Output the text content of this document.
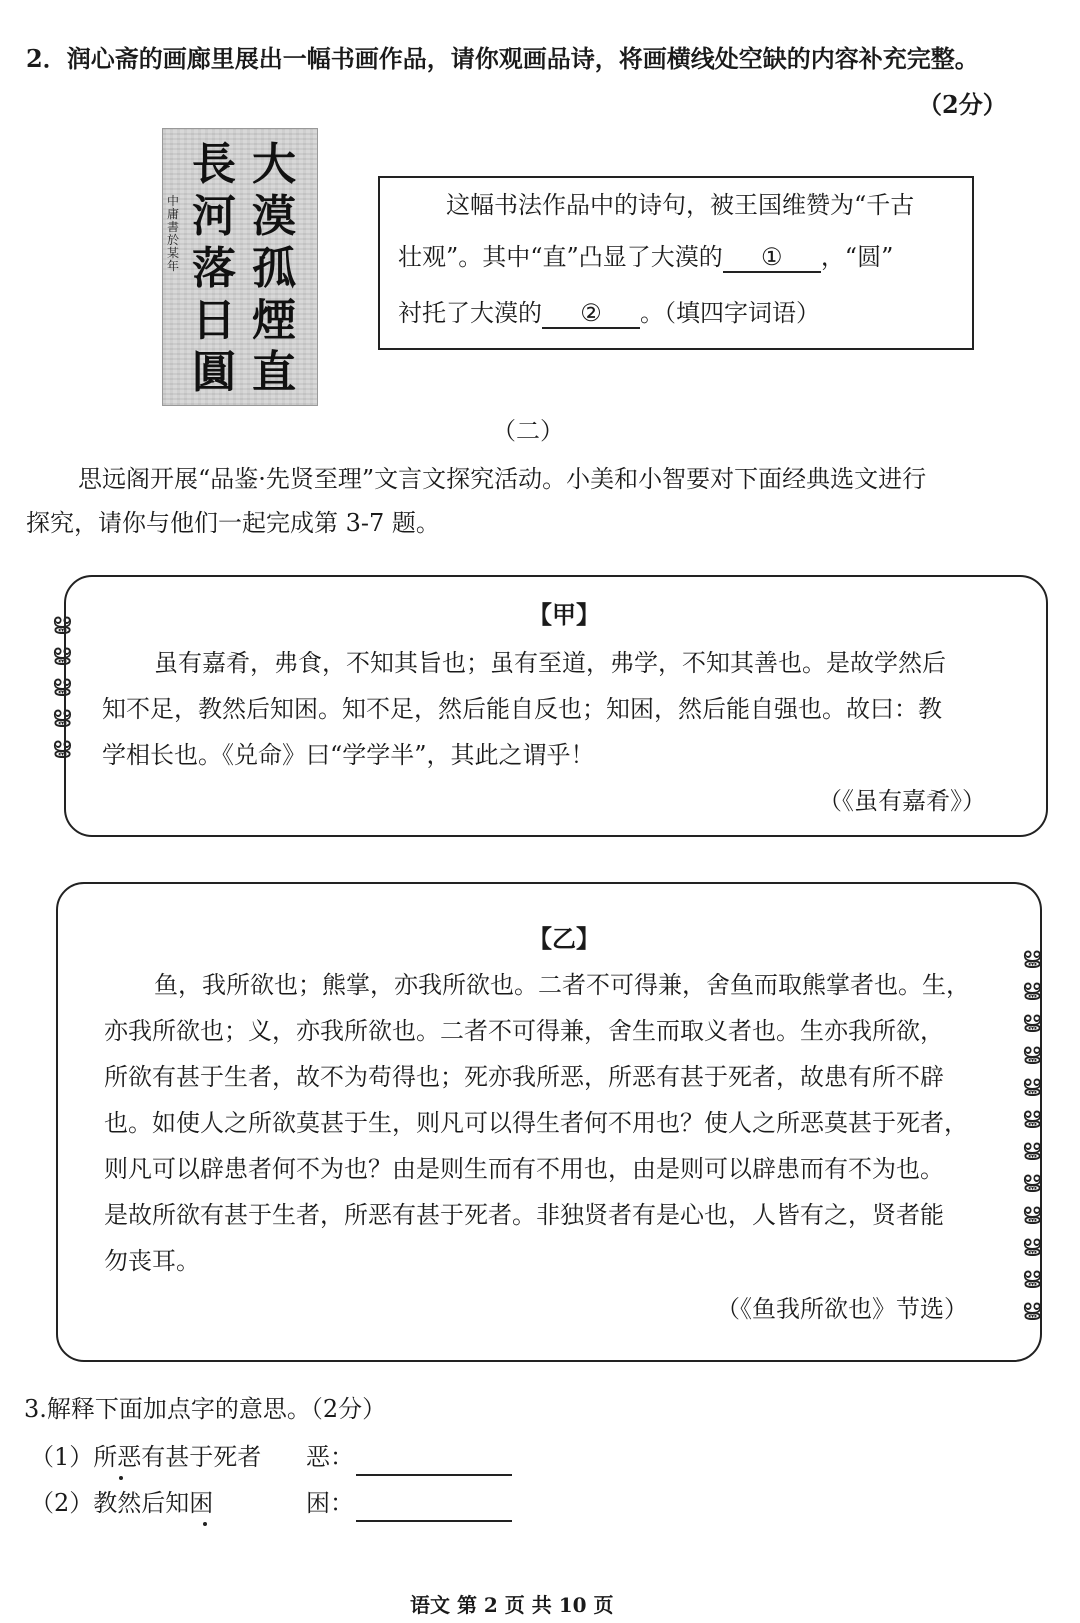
2．润心斋的画廊里展出一幅书画作品，请你观画品诗，将画横线处空缺的内容补充完整。
（2分）
大
漠
孤
煙
直
長
河
落
日
圓
中庸書於某年
这幅书法作品中的诗句，被王国维赞为“千古
壮观”。其中“直”凸显了大漠的 ① ，“圆”
衬托了大漠的 ② 。（填四字词语）
（二）
思远阁开展“品鉴·先贤至理”文言文探究活动。小美和小智要对下面经典选文进行
探究，请你与他们一起完成第 3-7 题。
ൠ
ൠ
ൠ
ൠ
ൠ
【甲】
虽有嘉肴，弗食，不知其旨也；虽有至道，弗学，不知其善也。是故学然后
知不足，教然后知困。知不足，然后能自反也；知困，然后能自强也。故曰：教
学相长也。《兑命》曰“学学半”，其此之谓乎！
（《虽有嘉肴》）
ൠ
ൠ
ൠ
ൠ
ൠ
ൠ
ൠ
ൠ
ൠ
ൠ
ൠ
ൠ
【乙】
鱼，我所欲也；熊掌，亦我所欲也。二者不可得兼，舍鱼而取熊掌者也。生，
亦我所欲也；义，亦我所欲也。二者不可得兼，舍生而取义者也。生亦我所欲，
所欲有甚于生者，故不为苟得也；死亦我所恶，所恶有甚于死者，故患有所不辟
也。如使人之所欲莫甚于生，则凡可以得生者何不用也？使人之所恶莫甚于死者，
则凡可以辟患者何不为也？由是则生而有不用也，由是则可以辟患而有不为也。
是故所欲有甚于生者，所恶有甚于死者。非独贤者有是心也，人皆有之，贤者能
勿丧耳。
（《鱼我所欲也》节选）
3.解释下面加点字的意思。（2分）
（1）所恶有甚于死者 恶：
（2）教然后知困	困：
语文 第 2 页 共 10 页
